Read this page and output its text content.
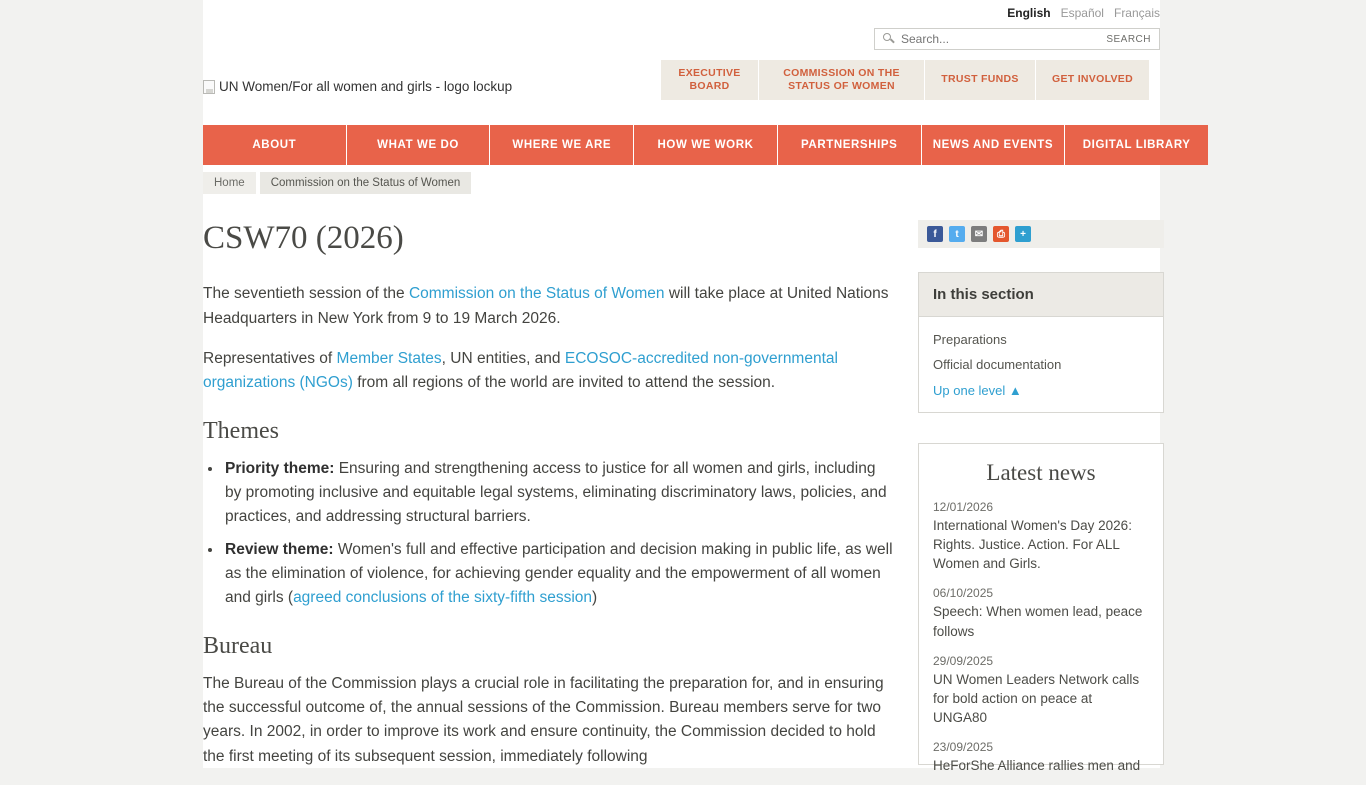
English Español Français
Search...
SEARCH
UN Women/For all women and girls - logo lockup
EXECUTIVE BOARD
COMMISSION ON THE STATUS OF WOMEN
TRUST FUNDS	GET INVOLVED
ABOUT	WHAT WE DO	WHERE WE ARE	HOW WE WORK	PARTNERSHIPS	NEWS AND EVENTS	DIGITAL LIBRARY
Home	Commission on the Status of Women
CSW70 (2026)

The seventieth session of the Commission on the Status of Women will take place at United Nations Headquarters in New York from 9 to 19 March 2026.

Representatives of Member States, UN entities, and ECOSOC-accredited non-governmental organizations (NGOs) from all regions of the world are invited to attend the session.

Themes
• Priority theme: Ensuring and strengthening access to justice for all women and girls, including by promoting inclusive and equitable legal systems, eliminating discriminatory laws, policies, and practices, and addressing structural barriers.
• Review theme: Women's full and effective participation and decision making in public life, as well as the elimination of violence, for achieving gender equality and the empowerment of all women and girls (agreed conclusions of the sixty-fifth session)
Bureau

The Bureau of the Commission plays a crucial role in facilitating the preparation for, and in ensuring the successful outcome of, the annual sessions of the Commission. Bureau members serve for two years. In 2002, in order to improve its work and ensure continuity, the Commission decided to hold the first meeting of its subsequent session, immediately following

f	t	✉	⎙	+
In this section
Preparations
Official documentation
Up one level ▲
Latest news
12/01/2026
International Women's Day 2026: Rights. Justice. Action. For ALL Women and Girls.
06/10/2025
Speech: When women lead, peace follows
29/09/2025
UN Women Leaders Network calls for bold action on peace at UNGA80
23/09/2025
HeForShe Alliance rallies men and
